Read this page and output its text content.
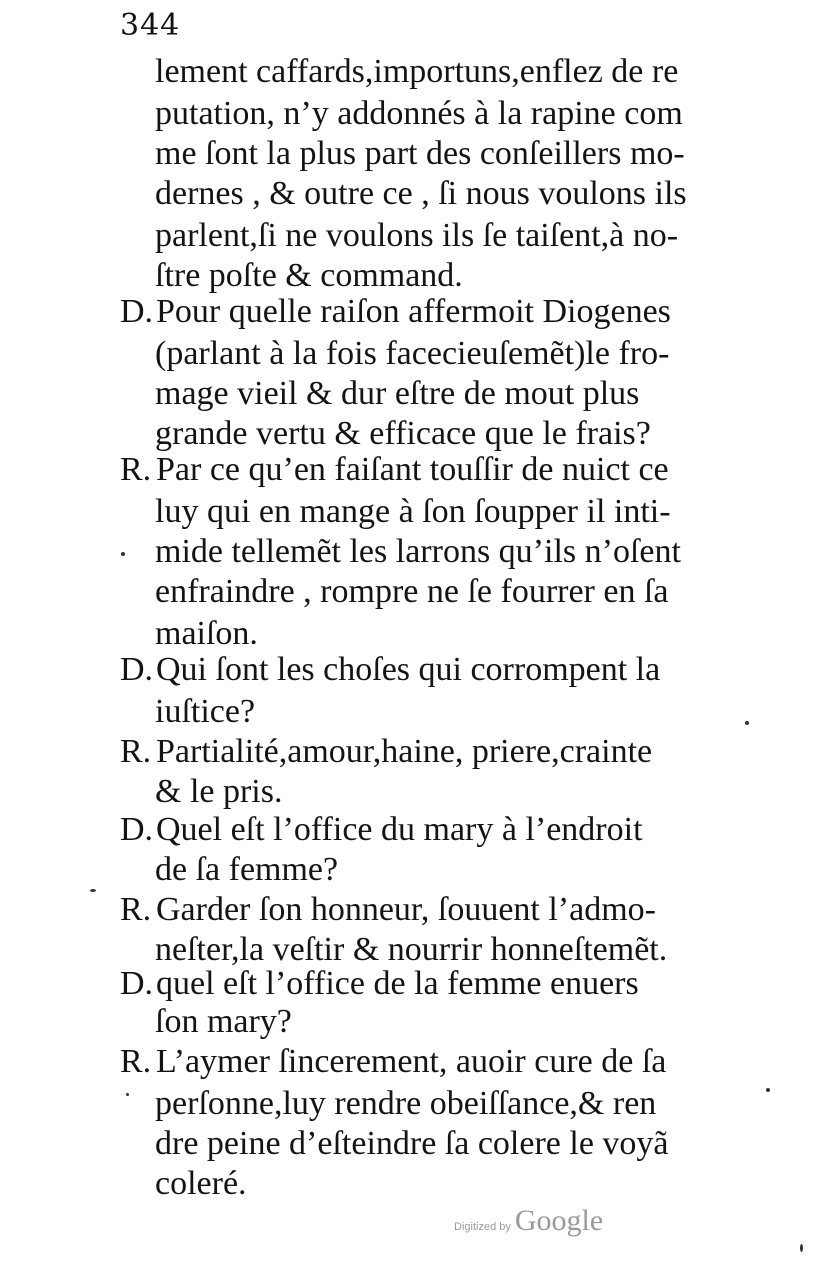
344
lement caffards,importuns,enflez de re
putation, n’y addonnés à la rapine com
me ſont la plus part des conſeillers mo-
dernes , & outre ce , ſi nous voulons ils
parlent,ſi ne voulons ils ſe taiſent,à no-
ſtre poſte & command.
D.Pour quelle raiſon affermoit Diogenes
(parlant à la fois facecieuſemẽt)le fro-
mage vieil & dur eſtre de mout plus
grande vertu & efficace que le frais?
R. Par ce qu’en faiſant touſſir de nuict ce
luy qui en mange à ſon ſoupper il inti-
mide tellemẽt les larrons qu’ils n’oſent
enfraindre , rompre ne ſe fourrer en ſa
maiſon.
D.Qui ſont les choſes qui corrompent la
iuſtice?
R. Partialité,amour,haine, priere,crainte
& le pris.
D.Quel eſt l’office du mary à l’endroit
de ſa femme?
R. Garder ſon honneur, ſouuent l’admo-
neſter,la veſtir & nourrir honneſtemẽt.
D.quel eſt l’office de la femme enuers
ſon mary?
R. L’aymer ſincerement, auoir cure de ſa
perſonne,luy rendre obeiſſance,& ren
dre peine d’eſteindre ſa colere le voyã
coleré.
Digitized by Google
